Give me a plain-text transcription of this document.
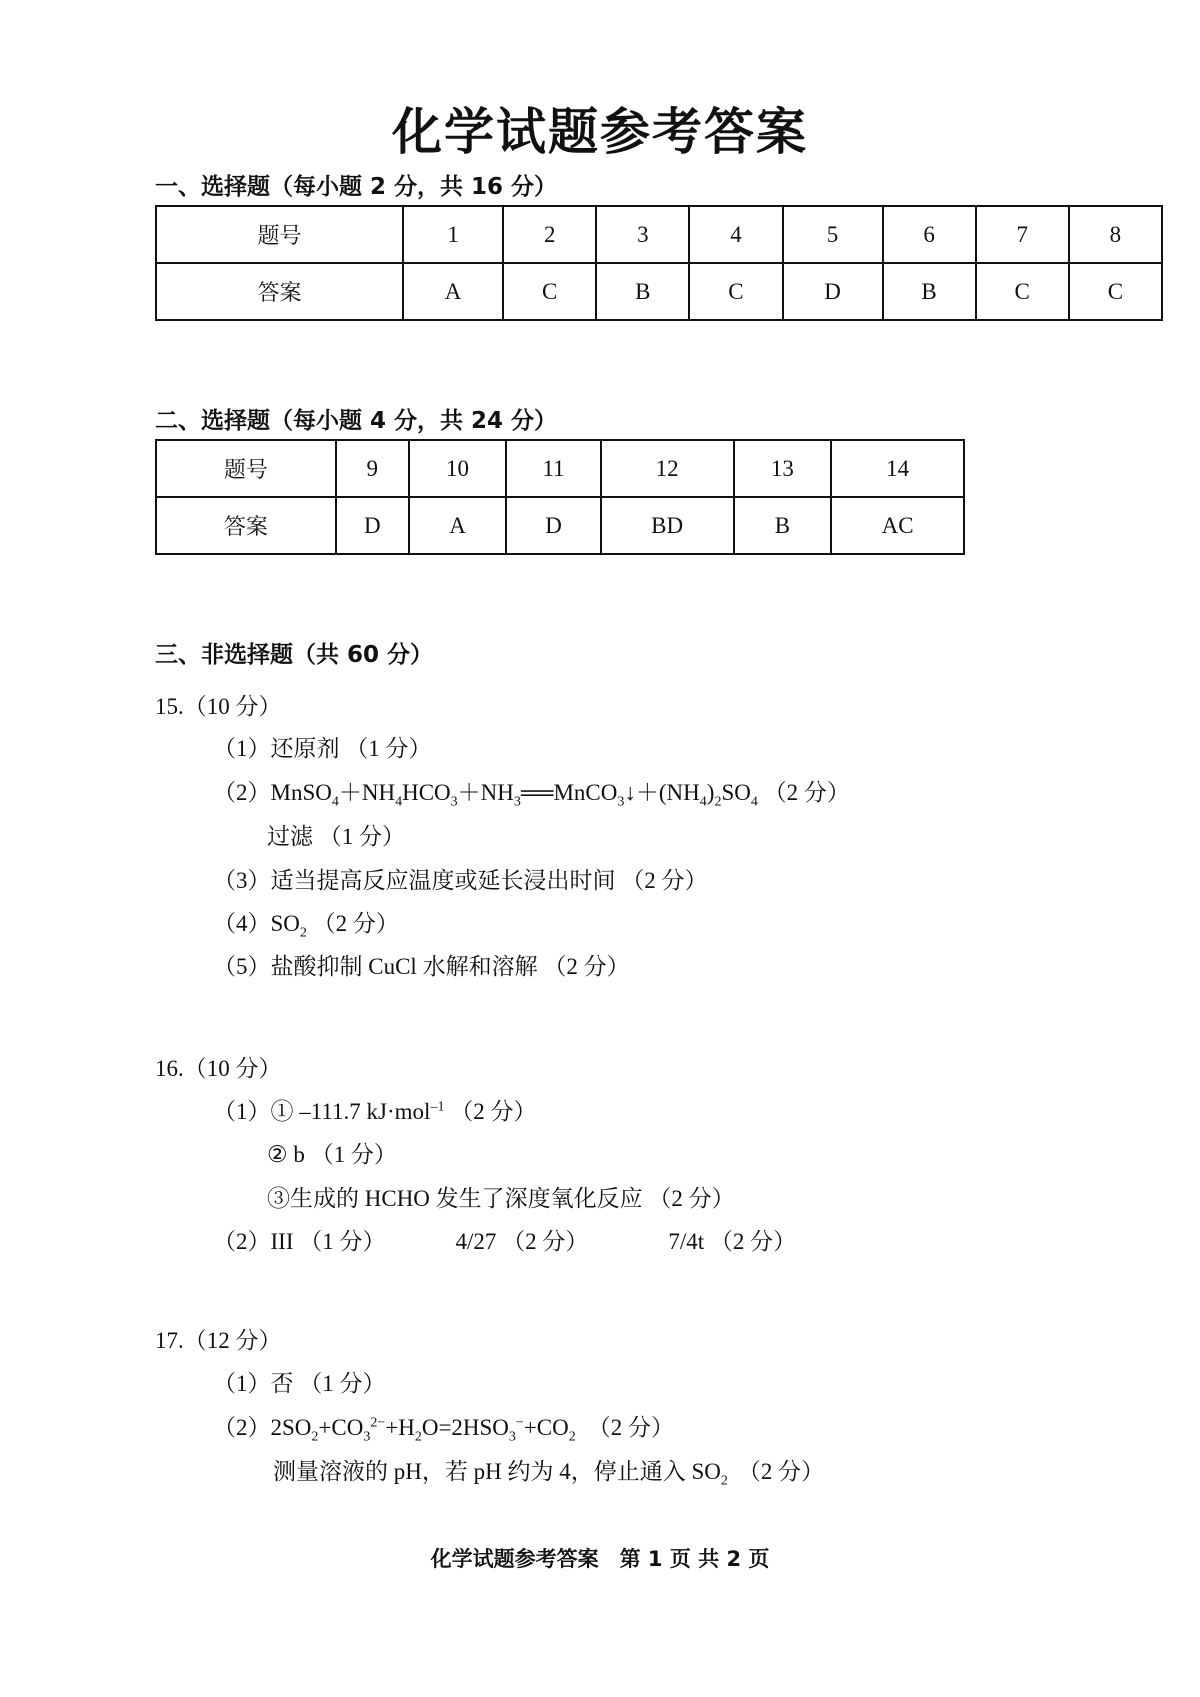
化学试题参考答案
一、选择题（每小题 2 分，共 16 分）
题号	1	2	3	4	5	6	7	8
答案	A	C	B	C	D	B	C	C
二、选择题（每小题 4 分，共 24 分）
题号	9	10	11	12	13	14
答案	D	A	D	BD	B	AC
三、非选择题（共 60 分）
15.（10 分）
（1）还原剂 （1 分）
$(2)MnSO_4+NH_4HCO_3+NH_3══MnCO_3↓+(NH_4)_2SO_4$ （2 分）
过滤 （1 分）
（3）适当提高反应温度或延长浸出时间 （2 分）
$(4)SO_2$ （2 分）
（5）盐酸抑制 CuCl 水解和溶解 （2 分）
16.（10 分）
（1）① –111.7 kJ·mol$^{-1}$ （2 分）
② b （1 分）
③生成的 HCHO 发生了深度氧化反应 （2 分）
（2）III （1 分）	4/27 （2 分）	7/4t （2 分）
17.（12 分）
（1）否 （1 分）
$(2)2SO_2+CO_3^{2-}+H_2O=2HSO_3^-+CO_2$ （2 分）
测量溶液的 pH，若 pH 约为 4，停止通入 $SO_2$ （2 分）
化学试题参考答案　第 1 页 共 2 页
